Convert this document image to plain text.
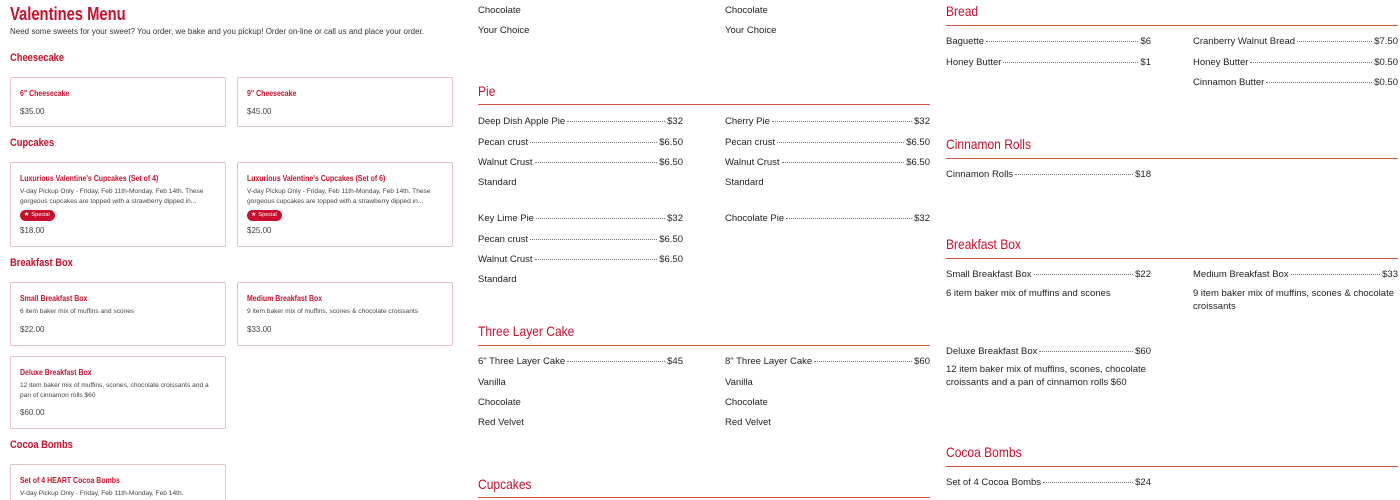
Valentines Menu
Need some sweets for your sweet? You order, we bake and you pickup! Order on-line or call us and place your order.
Cheesecake
6" Cheesecake
$35.00
9" Cheesecake
$45.00
Cupcakes
Luxurious Valentine's Cupcakes (Set of 4)
V-day Pickup Only - Friday, Feb 11th-Monday, Feb 14th. These gorgeous cupcakes are topped with a strawberry dipped in...
★ Special
$18.00
Luxurious Valentine's Cupcakes (Set of 6)
V-day Pickup Only - Friday, Feb 11th-Monday, Feb 14th. These gorgeous cupcakes are topped with a strawberry dipped in...
★ Special
$25.00
Breakfast Box
Small Breakfast Box
6 item baker mix of muffins and scones
$22.00
Medium Breakfast Box
9 item baker mix of muffins, scones & chocolate croissants
$33.00
Deluxe Breakfast Box
12 item baker mix of muffins, scones, chocolate croissants and a pan of cinnamon rolls $60
$60.00
Cocoa Bombs
Set of 4 HEART Cocoa Bombs
V-day Pickup Only - Friday, Feb 11th-Monday, Feb 14th.
Chocolate
Your Choice
Chocolate
Your Choice
Pie
Deep Dish Apple Pie	$32
Pecan crust	$6.50
Walnut Crust	$6.50
Standard
Cherry Pie	$32
Pecan crust	$6.50
Walnut Crust	$6.50
Standard
Key Lime Pie	$32
Pecan crust	$6.50
Walnut Crust	$6.50
Standard
Chocolate Pie	$32
Three Layer Cake
6" Three Layer Cake	$45
Vanilla
Chocolate
Red Velvet
8" Three Layer Cake	$60
Vanilla
Chocolate
Red Velvet
Cupcakes
Bread
Baguette	$6
Honey Butter	$1
Cranberry Walnut Bread	$7.50
Honey Butter	$0.50
Cinnamon Butter	$0.50
Cinnamon Rolls
Cinnamon Rolls	$18
Breakfast Box
Small Breakfast Box	$22
6 item baker mix of muffins and scones
Medium Breakfast Box	$33
9 item baker mix of muffins, scones & chocolate croissants
Deluxe Breakfast Box	$60
12 item baker mix of muffins, scones, chocolate croissants and a pan of cinnamon rolls $60
Cocoa Bombs
Set of 4 Cocoa Bombs	$24
